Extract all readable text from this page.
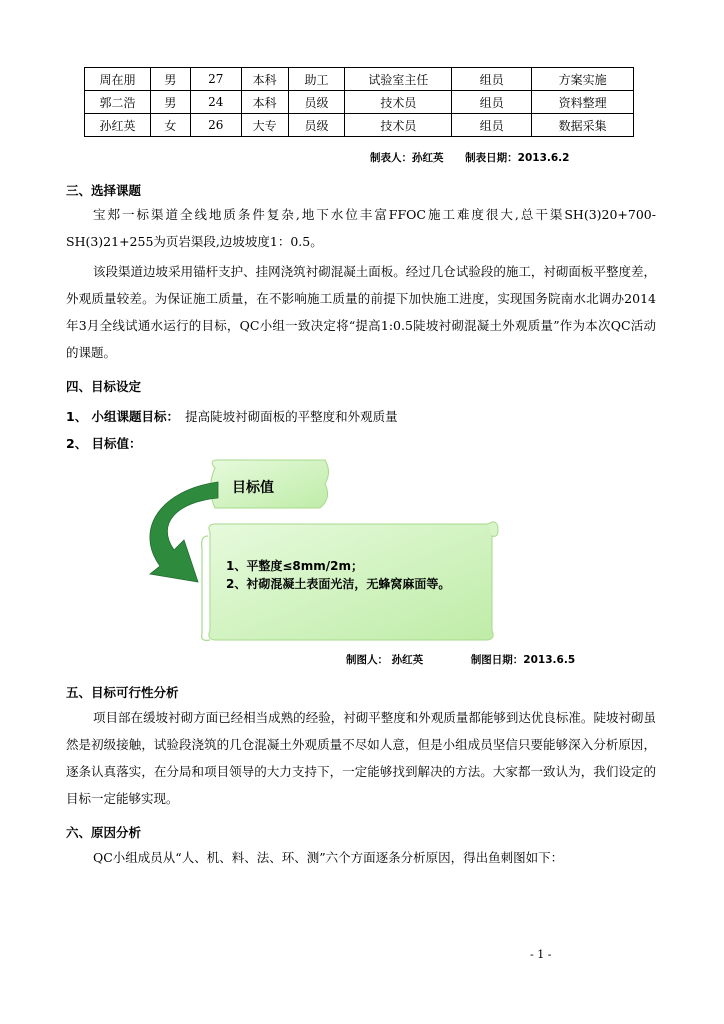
周在朋	男	27	本科	助工	试验室主任	组员	方案实施
郭二浩	男	24	本科	员级	技术员	组员	资料整理
孙红英	女	26	大专	员级	技术员	组员	数据采集
制表人：孙红英 制表日期：2013.6.2
三、选择课题
宝郏一标渠道全线地质条件复杂,地下水位丰富FFOC施工难度很大,总干渠SH(3)20+700-SH(3)21+255为页岩渠段,边坡坡度1：0.5。
该段渠道边坡采用锚杆支护、挂网浇筑衬砌混凝土面板。经过几仓试验段的施工，衬砌面板平整度差，外观质量较差。为保证施工质量，在不影响施工质量的前提下加快施工进度，实现国务院南水北调办2014年3月全线试通水运行的目标，QC小组一致决定将“提高1:0.5陡坡衬砌混凝土外观质量”作为本次QC活动的课题。
四、目标设定
1、 小组课题目标： 提高陡坡衬砌面板的平整度和外观质量
2、 目标值：
目标值
1、平整度≤8mm/2m；
2、衬砌混凝土表面光洁，无蜂窝麻面等。
制图人： 孙红英	制图日期：2013.6.5
五、目标可行性分析
项目部在缓坡衬砌方面已经相当成熟的经验，衬砌平整度和外观质量都能够到达优良标准。陡坡衬砌虽然是初级接触，试验段浇筑的几仓混凝土外观质量不尽如人意，但是小组成员坚信只要能够深入分析原因，逐条认真落实，在分局和项目领导的大力支持下，一定能够找到解决的方法。大家都一致认为，我们设定的目标一定能够实现。
六、原因分析
QC小组成员从“人、机、料、法、环、测”六个方面逐条分析原因，得出鱼刺图如下：
- 1 -
